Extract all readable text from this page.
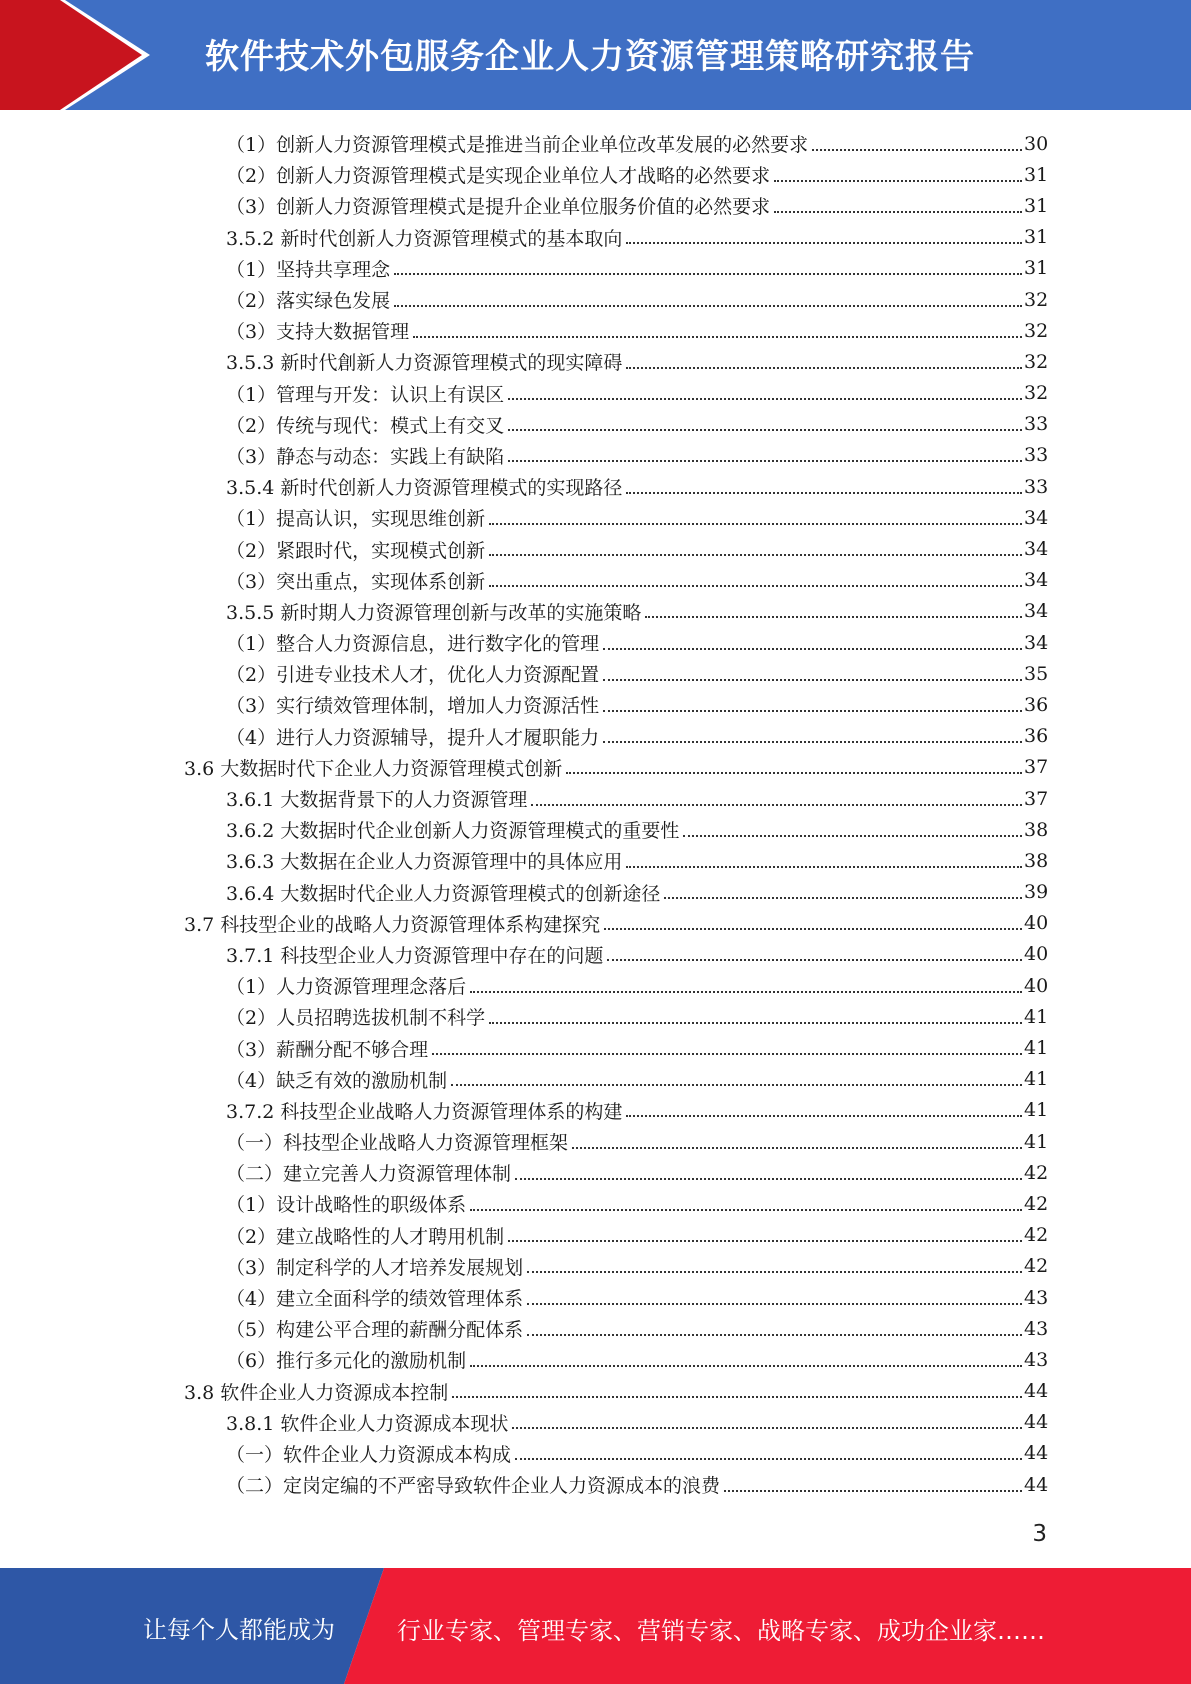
软件技术外包服务企业人力资源管理策略研究报告
（1）创新人力资源管理模式是推进当前企业单位改革发展的必然要求	30
（2）创新人力资源管理模式是实现企业单位人才战略的必然要求	31
（3）创新人力资源管理模式是提升企业单位服务价值的必然要求	31
3.5.2 新时代创新人力资源管理模式的基本取向	31
（1）坚持共享理念	31
（2）落实绿色发展	32
（3）支持大数据管理	32
3.5.3 新时代創新人力资源管理模式的现实障碍	32
（1）管理与开发：认识上有误区	32
（2）传统与现代：模式上有交叉	33
（3）静态与动态：实践上有缺陷	33
3.5.4 新时代创新人力资源管理模式的实现路径	33
（1）提高认识，实现思维创新	34
（2）紧跟时代，实现模式创新	34
（3）突出重点，实现体系创新	34
3.5.5 新时期人力资源管理创新与改革的实施策略	34
（1）整合人力资源信息，进行数字化的管理	34
（2）引进专业技术人才，优化人力资源配置	35
（3）实行绩效管理体制，增加人力资源活性	36
（4）进行人力资源辅导，提升人才履职能力	36
3.6 大数据时代下企业人力资源管理模式创新	37
3.6.1 大数据背景下的人力资源管理	37
3.6.2 大数据时代企业创新人力资源管理模式的重要性	38
3.6.3 大数据在企业人力资源管理中的具体应用	38
3.6.4 大数据时代企业人力资源管理模式的创新途径	39
3.7 科技型企业的战略人力资源管理体系构建探究	40
3.7.1 科技型企业人力资源管理中存在的问题	40
（1）人力资源管理理念落后	40
（2）人员招聘选拔机制不科学	41
（3）薪酬分配不够合理	41
（4）缺乏有效的激励机制	41
3.7.2 科技型企业战略人力资源管理体系的构建	41
（一）科技型企业战略人力资源管理框架	41
（二）建立完善人力资源管理体制	42
（1）设计战略性的职级体系	42
（2）建立战略性的人才聘用机制	42
（3）制定科学的人才培养发展规划	42
（4）建立全面科学的绩效管理体系	43
（5）构建公平合理的薪酬分配体系	43
（6）推行多元化的激励机制	43
3.8 软件企业人力资源成本控制	44
3.8.1 软件企业人力资源成本现状	44
（一）软件企业人力资源成本构成	44
（二）定岗定编的不严密导致软件企业人力资源成本的浪费	44
3
让每个人都能成为	行业专家、管理专家、营销专家、战略专家、成功企业家……
